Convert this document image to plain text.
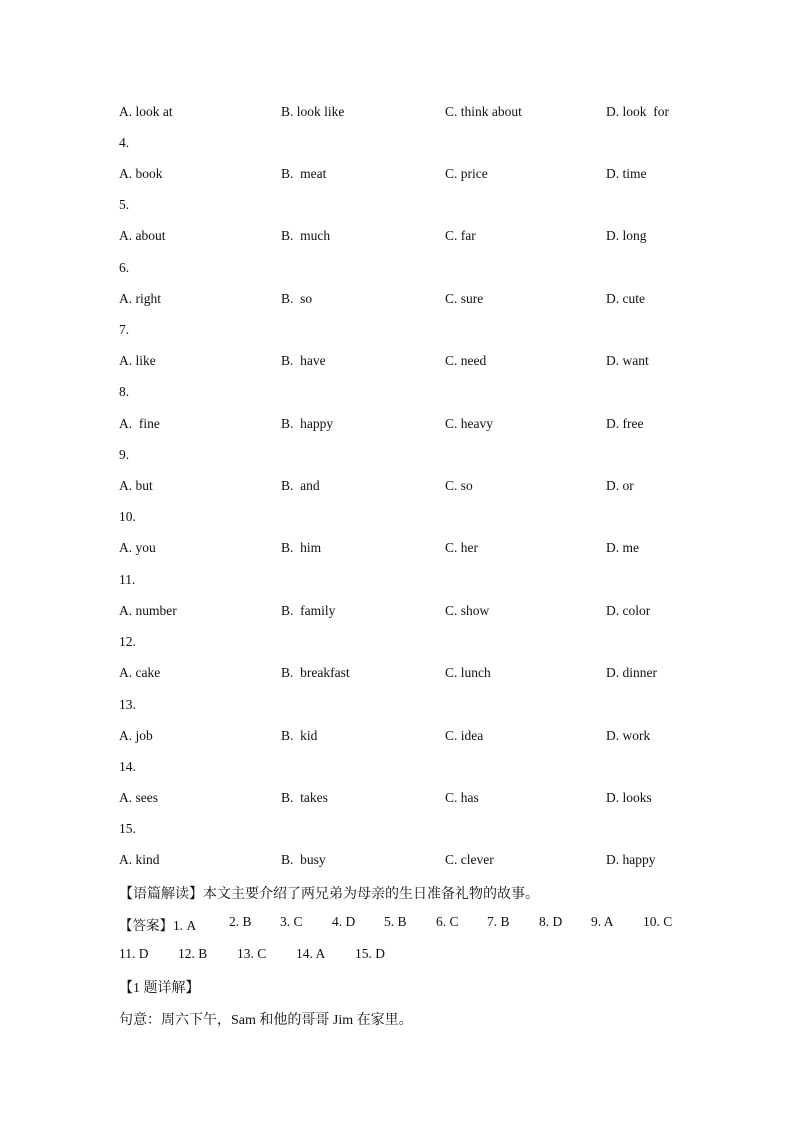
A. look at	B. look like	C. think about	D. look  for
4.
A. book	B.  meat	C. price	D. time
5.
A. about	B.  much	C. far	D. long
6.
A. right	B.  so	C. sure	D. cute
7.
A. like	B.  have	C. need	D. want
8.
A.  fine	B.  happy	C. heavy	D. free
9.
A. but	B.  and	C. so	D. or
10.
A. you	B.  him	C. her	D. me
11.
A. number	B.  family	C. show	D. color
12.
A. cake	B.  breakfast	C. lunch	D. dinner
13.
A. job	B.  kid	C. idea	D. work
14.
A. sees	B.  takes	C. has	D. looks
15.
A. kind	B.  busy	C. clever	D. happy
【语篇解读】本文主要介绍了两兄弟为母亲的生日准备礼物的故事。
【答案】1. A 2. B 3. C 4. D 5. B 6. C 7. B 8. D 9. A 10. C
11. D 12. B 13. C 14. A 15. D
【1 题详解】
句意：周六下午，Sam 和他的哥哥 Jim 在家里。
